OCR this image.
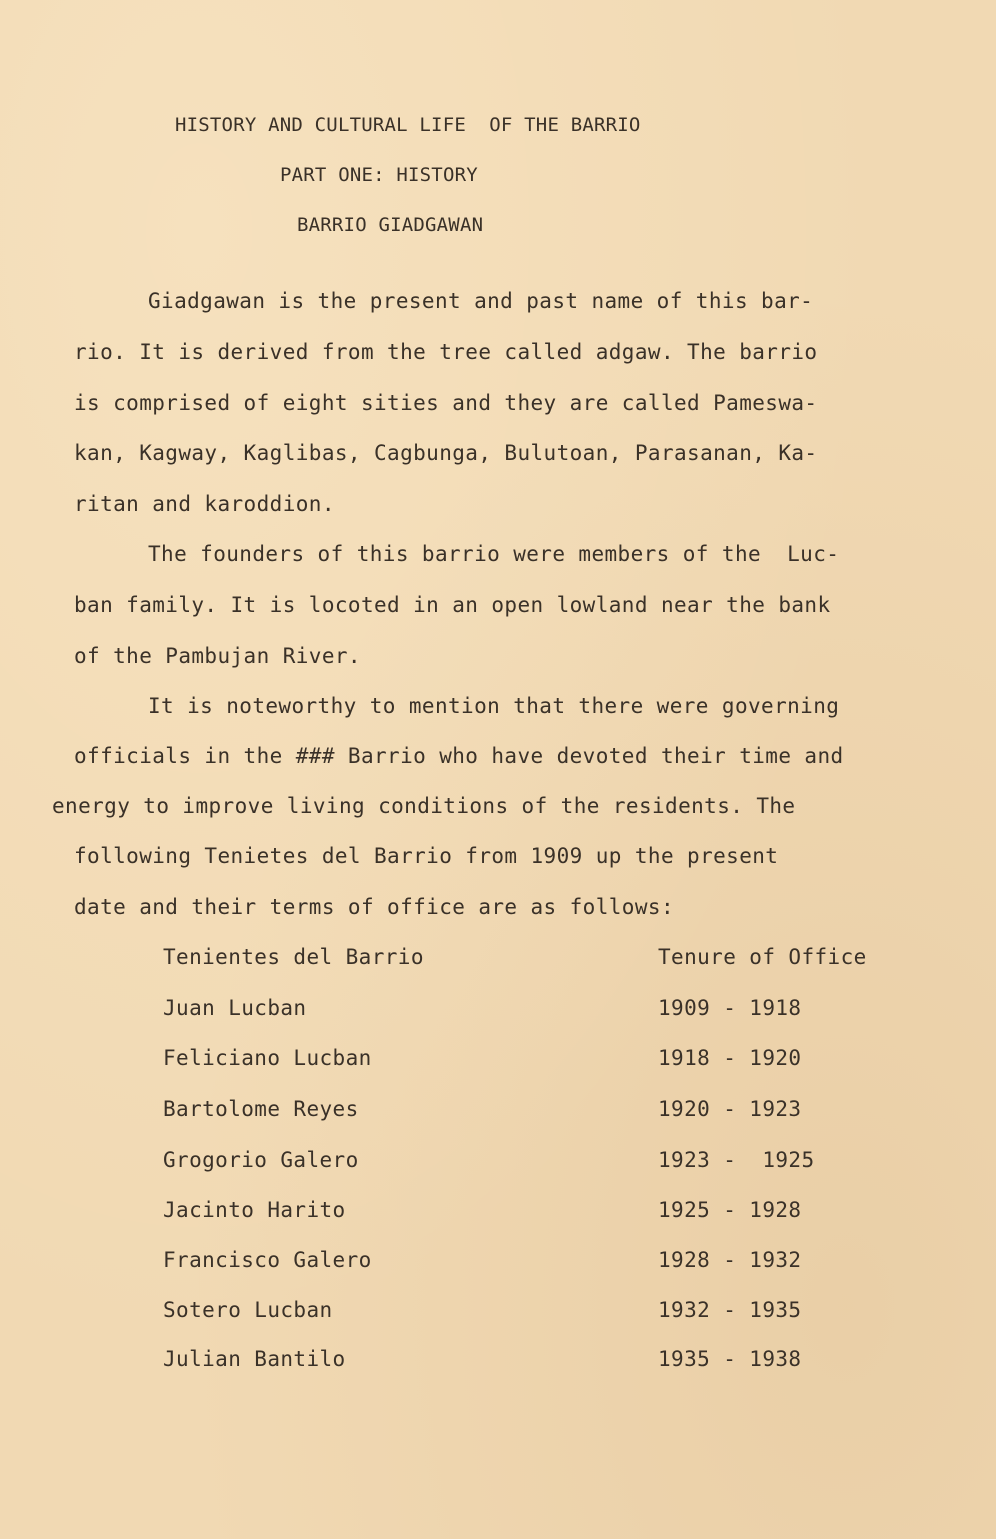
HISTORY AND CULTURAL LIFE  OF THE BARRIO
PART ONE: HISTORY
BARRIO GIADGAWAN
Giadgawan is the present and past name of this bar-
rio. It is derived from the tree called adgaw. The barrio
is comprised of eight sities and they are called Pameswa-
kan, Kagway, Kaglibas, Cagbunga, Bulutoan, Parasanan, Ka-
ritan and karoddion.
The founders of this barrio were members of the  Luc-
ban family. It is locoted in an open lowland near the bank
of the Pambujan River.
It is noteworthy to mention that there were governing
officials in the ### Barrio who have devoted their time and
energy to improve living conditions of the residents. The
following Tenietes del Barrio from 1909 up the present
date and their terms of office are as follows:
Tenientes del Barrio	Tenure of Office
Juan Lucban	1909 - 1918
Feliciano Lucban	1918 - 1920
Bartolome Reyes	1920 - 1923
Grogorio Galero	1923 -  1925
Jacinto Harito	1925 - 1928
Francisco Galero	1928 - 1932
Sotero Lucban	1932 - 1935
Julian Bantilo	1935 - 1938
